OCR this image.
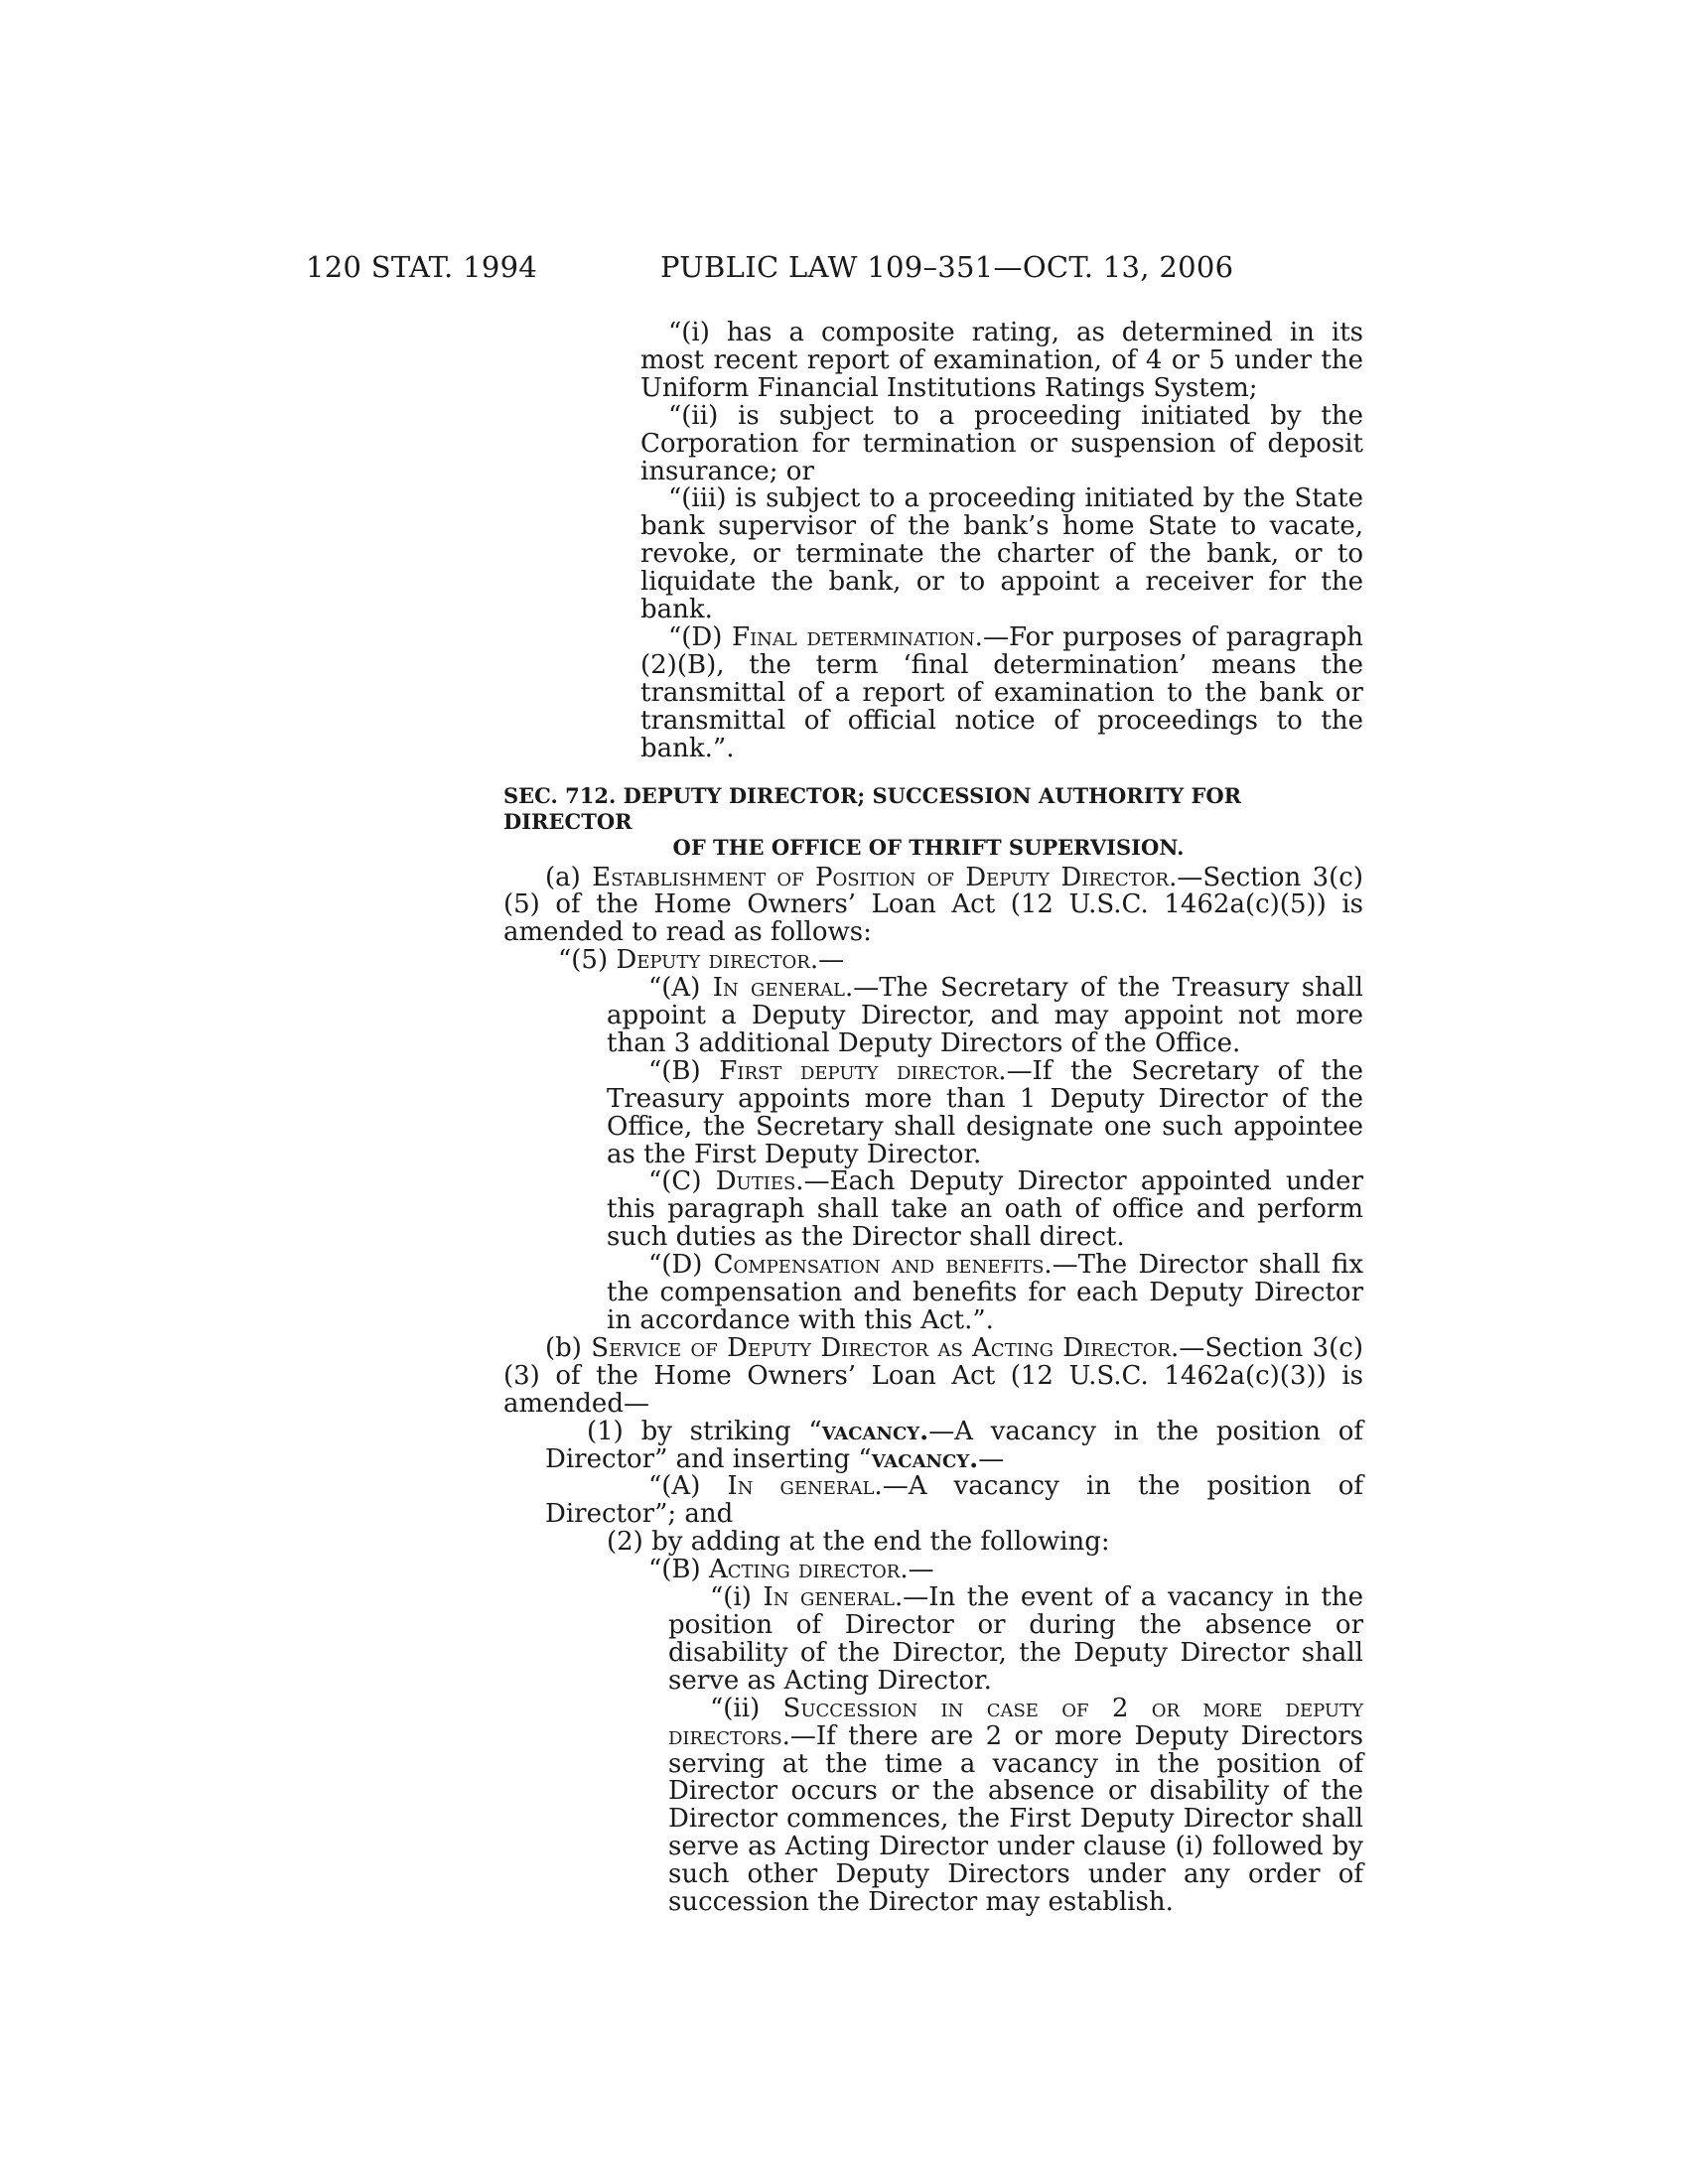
120 STAT. 1994	PUBLIC LAW 109–351—OCT. 13, 2006

“(i) has a composite rating, as determined in its most recent report of examination, of 4 or 5 under the Uniform Financial Institutions Ratings System;

“(ii) is subject to a proceeding initiated by the Corporation for termination or suspension of deposit insurance; or

“(iii) is subject to a proceeding initiated by the State bank supervisor of the bank’s home State to vacate, revoke, or terminate the charter of the bank, or to liquidate the bank, or to appoint a receiver for the bank.

“(D) Final determination.—For purposes of paragraph (2)(B), the term ‘final determination’ means the transmittal of a report of examination to the bank or transmittal of official notice of proceedings to the bank.”.

SEC. 712. DEPUTY DIRECTOR; SUCCESSION AUTHORITY FOR DIRECTOR
OF THE OFFICE OF THRIFT SUPERVISION.

(a) Establishment of Position of Deputy Director.—Section 3(c)(5) of the Home Owners’ Loan Act (12 U.S.C. 1462a(c)(5)) is amended to read as follows:

“(5) Deputy director.—

“(A) In general.—The Secretary of the Treasury shall appoint a Deputy Director, and may appoint not more than 3 additional Deputy Directors of the Office.

“(B) First deputy director.—If the Secretary of the Treasury appoints more than 1 Deputy Director of the Office, the Secretary shall designate one such appointee as the First Deputy Director.

“(C) Duties.—Each Deputy Director appointed under this paragraph shall take an oath of office and perform such duties as the Director shall direct.

“(D) Compensation and benefits.—The Director shall fix the compensation and benefits for each Deputy Director in accordance with this Act.”.

(b) Service of Deputy Director as Acting Director.—Section 3(c)(3) of the Home Owners’ Loan Act (12 U.S.C. 1462a(c)(3)) is amended—

(1) by striking “vacancy.—A vacancy in the position of Director” and inserting “vacancy.—

“(A) In general.—A vacancy in the position of Director”; and

(2) by adding at the end the following:

“(B) Acting director.—

“(i) In general.—In the event of a vacancy in the position of Director or during the absence or disability of the Director, the Deputy Director shall serve as Acting Director.

“(ii) Succession in case of 2 or more deputy directors.—If there are 2 or more Deputy Directors serving at the time a vacancy in the position of Director occurs or the absence or disability of the Director commences, the First Deputy Director shall serve as Acting Director under clause (i) followed by such other Deputy Directors under any order of succession the Director may establish.
